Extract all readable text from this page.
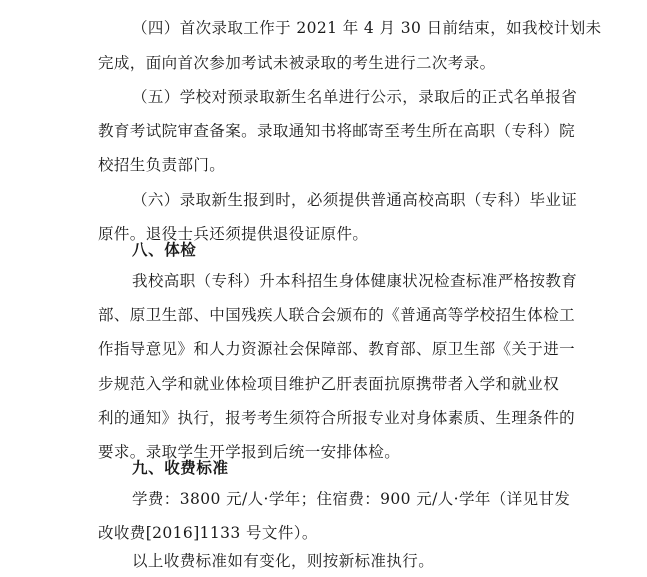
（四）首次录取工作于 2021 年 4 月 30 日前结束，如我校计划未
完成，面向首次参加考试未被录取的考生进行二次考录。
（五）学校对预录取新生名单进行公示，录取后的正式名单报省
教育考试院审查备案。录取通知书将邮寄至考生所在高职（专科）院
校招生负责部门。
（六）录取新生报到时，必须提供普通高校高职（专科）毕业证
原件。退役士兵还须提供退役证原件。
八、体检
我校高职（专科）升本科招生身体健康状况检查标准严格按教育
部、原卫生部、中国残疾人联合会颁布的《普通高等学校招生体检工
作指导意见》和人力资源社会保障部、教育部、原卫生部《关于进一
步规范入学和就业体检项目维护乙肝表面抗原携带者入学和就业权
利的通知》执行，报考考生须符合所报专业对身体素质、生理条件的
要求。录取学生开学报到后统一安排体检。
九、收费标准
学费：3800 元/人·学年；住宿费：900 元/人·学年（详见甘发
改收费[2016]1133 号文件）。
以上收费标准如有变化，则按新标准执行。
